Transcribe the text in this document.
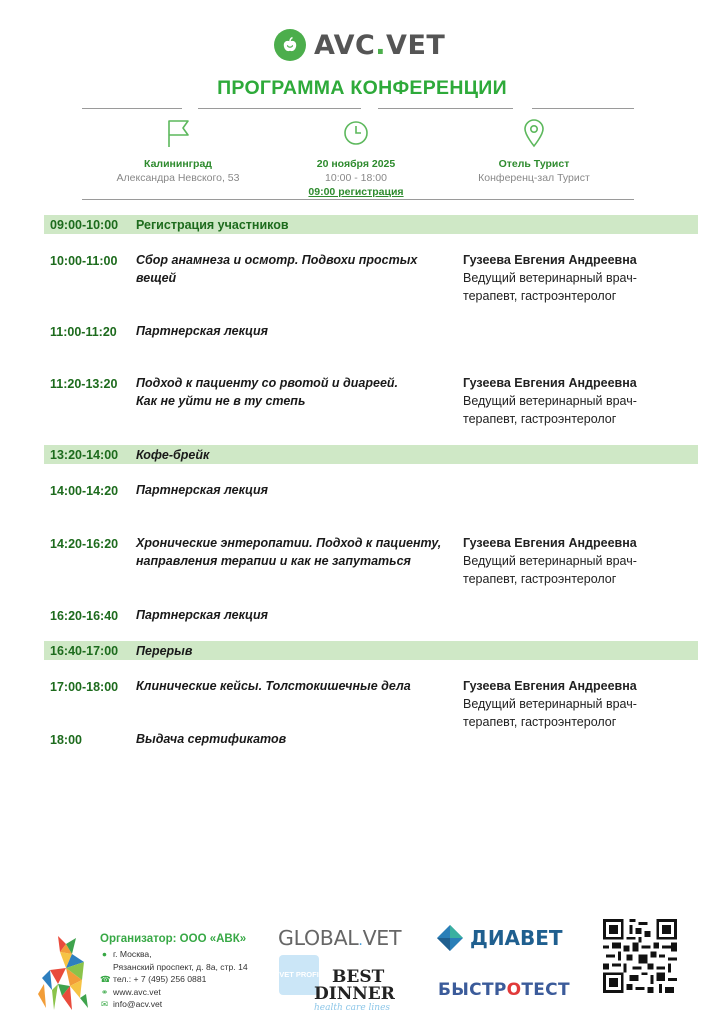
AVC.VET
ПРОГРАММА КОНФЕРЕНЦИИ
Калининград
Александра Невского, 53
20 ноября 2025
10:00 - 18:00
09:00 регистрация
Отель Турист
Конференц-зал Турист
09:00-10:00 Регистрация участников
10:00-11:00 Сбор анамнеза и осмотр. Подвохи простых
вещей
Гузеева Евгения Андреевна
Ведущий ветеринарный врач-
терапевт, гастроэнтеролог
11:00-11:20 Партнерская лекция
11:20-13:20 Подход к пациенту со рвотой и диареей.
Как не уйти не в ту степь
Гузеева Евгения Андреевна
Ведущий ветеринарный врач-
терапевт, гастроэнтеролог
13:20-14:00 Кофе-брейк
14:00-14:20 Партнерская лекция
14:20-16:20 Хронические энтеропатии. Подход к пациенту,
направления терапии и как не запутаться
Гузеева Евгения Андреевна
Ведущий ветеринарный врач-
терапевт, гастроэнтеролог
16:20-16:40 Партнерская лекция
16:40-17:00 Перерыв
17:00-18:00 Клинические кейсы. Толстокишечные дела	Гузеева Евгения Андреевна
Ведущий ветеринарный врач-
терапевт, гастроэнтеролог
18:00	Выдача сертификатов
Организатор: ООО «АВК»
● г. Москва,
Рязанский проспект, д. 8а, стр. 14
☎ тел.: + 7 (495) 256 0881
⚭ www.avc.vet
✉ info@acv.vet
GLOBAL.VET
VET PROFI BEST
DINNER
health care lines
ДИАВЕТ
БЫСТРОТЕСТ
